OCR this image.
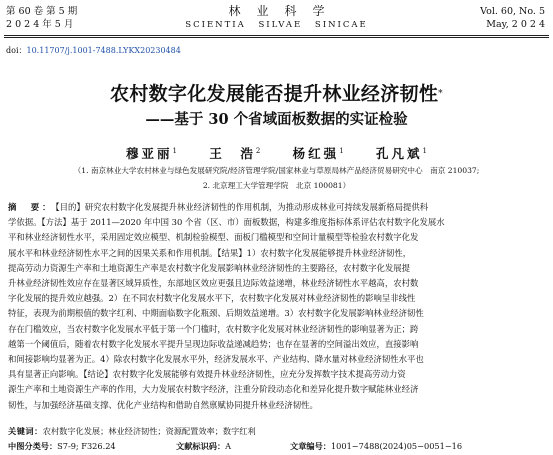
第 60 卷 第 5 期
2 0 2 4 年 5 月
林业科学
SCIENTIA SILVAE SINICAE
Vol. 60, No. 5
May, 2 0 2 4
doi：10.11707/j.1001-7488.LYKX20230484
农村数字化发展能否提升林业经济韧性*
——基于 30 个省域面板数据的实证检验
穆亚丽$^1$	王　浩$^2$	杨红强$^1$	孔凡斌$^1$
（1. 南京林业大学农村林业与绿色发展研究院/经济管理学院/国家林业与草原局林产品经济贸易研究中心　南京 210037;
2. 北京理工大学管理学院　北京 100081）
摘　要： 【目的】研究农村数字化发展提升林业经济韧性的作用机制，为推动形成林业可持续发展新格局提供科
学依据。【方法】基于 2011—2020 年中国 30 个省（区、市）面板数据，构建多维度指标体系评估农村数字化发展水
平和林业经济韧性水平，采用固定效应模型、机制检验模型、面板门槛模型和空间计量模型等检验农村数字化发
展水平和林业经济韧性水平之间的因果关系和作用机制。【结果】1）农村数字化发展能够提升林业经济韧性，
提高劳动力资源生产率和土地资源生产率是农村数字化发展影响林业经济韧性的主要路径，农村数字化发展提
升林业经济韧性效应存在显著区域异质性，东部地区效应更强且边际效益递增，林业经济韧性水平越高，农村数
字化发展的提升效应越强。2）在不同农村数字化发展水平下，农村数字化发展对林业经济韧性的影响呈非线性
特征，表现为前期根值的数字红利、中期面临数字化瓶颈、后期效益递增。3）农村数字化发展影响林业经济韧性
存在门槛效应，当农村数字化发展水平低于第一个门槛时，农村数字化发展对林业经济韧性的影响显著为正；跨
越第一个阈值后，随着农村数字化发展水平提升呈现边际收益递减趋势；也存在显著的空间溢出效应，直接影响
和间接影响均显著为正。4）除农村数字化发展水平外，经济发展水平、产业结构、降水量对林业经济韧性水平也
具有显著正向影响。【结论】农村数字化发展能够有效提升林业经济韧性，应充分发挥数字技术提高劳动力资
源生产率和土地资源生产率的作用，大力发展农村数字经济，注重分阶段动态化和差异化提升数字赋能林业经济
韧性，与加强经济基础支撑、优化产业结构和借助自然禀赋协同提升林业经济韧性。
关键词：农村数字化发展；林业经济韧性；资源配置效率；数字红利
中图分类号：S7-9; F326.24	文献标识码：A	文章编号：1001−7488(2024)05−0051−16
